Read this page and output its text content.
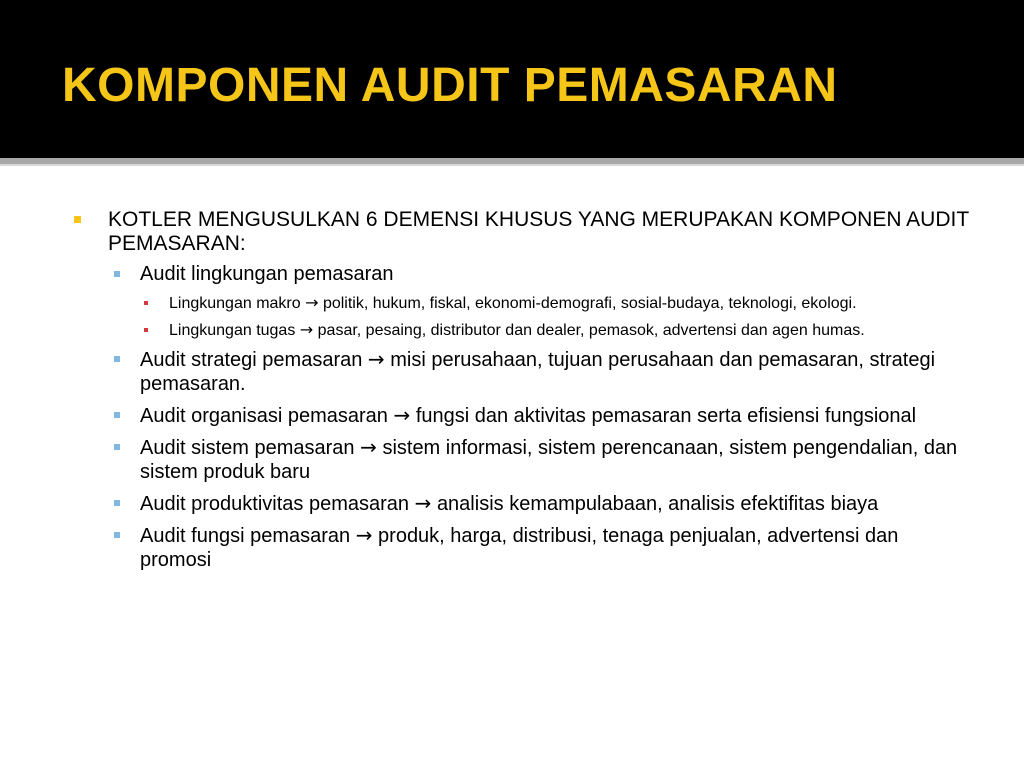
KOMPONEN AUDIT PEMASARAN
KOTLER MENGUSULKAN 6 DEMENSI KHUSUS YANG MERUPAKAN KOMPONEN AUDIT PEMASARAN:
Audit lingkungan pemasaran
Lingkungan makro → politik, hukum, fiskal, ekonomi-demografi, sosial-budaya, teknologi, ekologi.
Lingkungan tugas → pasar, pesaing, distributor dan dealer, pemasok, advertensi dan agen humas.
Audit strategi pemasaran → misi perusahaan, tujuan perusahaan dan pemasaran, strategi pemasaran.
Audit organisasi pemasaran → fungsi dan aktivitas pemasaran serta efisiensi fungsional
Audit sistem pemasaran → sistem informasi, sistem perencanaan, sistem pengendalian, dan sistem produk baru
Audit produktivitas pemasaran → analisis kemampulabaan, analisis efektifitas biaya
Audit fungsi pemasaran → produk, harga, distribusi, tenaga penjualan, advertensi dan promosi
